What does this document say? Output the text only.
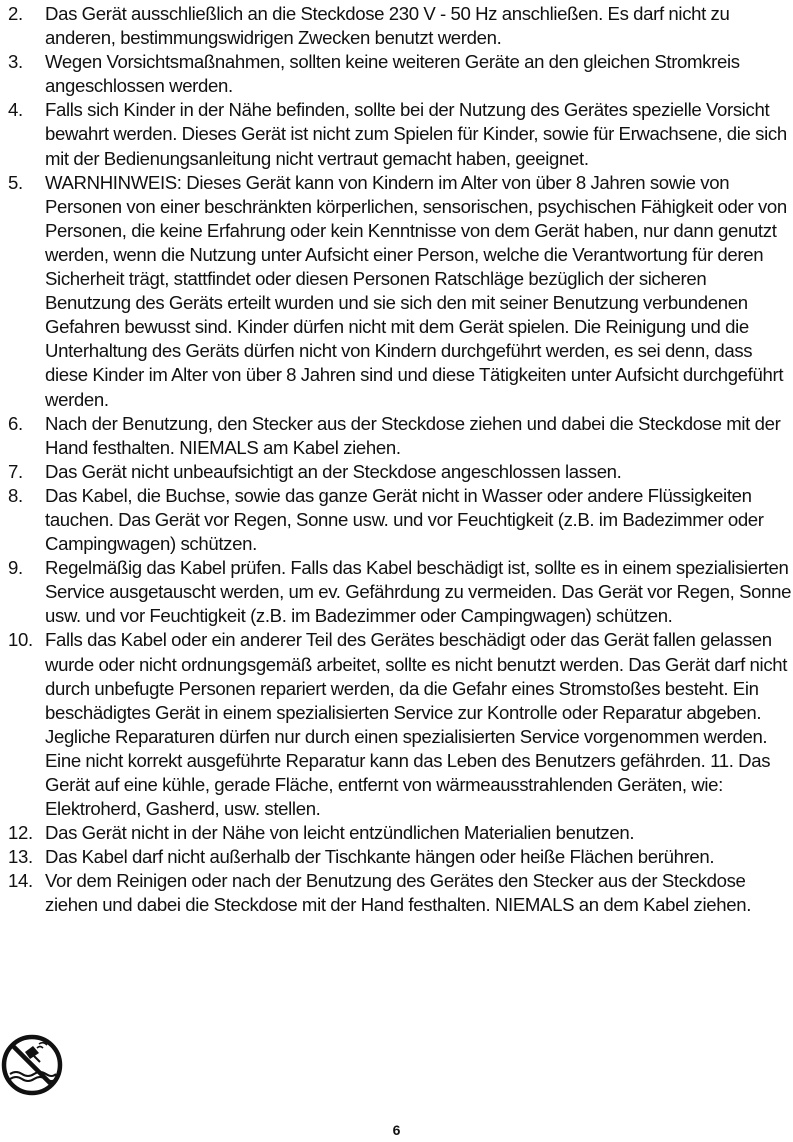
2.	Das Gerät ausschließlich an die Steckdose 230 V - 50 Hz anschließen. Es darf nicht zu anderen, bestimmungswidrigen Zwecken benutzt werden.
3.	Wegen Vorsichtsmaßnahmen, sollten keine weiteren Geräte an den gleichen Stromkreis angeschlossen werden.
4.	Falls sich Kinder in der Nähe befinden, sollte bei der Nutzung des Gerätes spezielle Vorsicht bewahrt werden. Dieses Gerät ist nicht zum Spielen für Kinder, sowie für Erwachsene, die sich mit der Bedienungsanleitung nicht vertraut gemacht haben, geeignet.
5.	WARNHINWEIS: Dieses Gerät kann von Kindern im Alter von über 8 Jahren sowie von Personen von einer beschränkten körperlichen, sensorischen, psychischen Fähigkeit oder von Personen, die keine Erfahrung oder kein Kenntnisse von dem Gerät haben, nur dann genutzt werden, wenn die Nutzung unter Aufsicht einer Person, welche die Verantwortung für deren Sicherheit trägt, stattfindet oder diesen Personen Ratschläge bezüglich der sicheren Benutzung des Geräts erteilt wurden und sie sich den mit seiner Benutzung verbundenen Gefahren bewusst sind. Kinder dürfen nicht mit dem Gerät spielen. Die Reinigung und die Unterhaltung des Geräts dürfen nicht von Kindern durchgeführt werden, es sei denn, dass diese Kinder im Alter von über 8 Jahren sind und diese Tätigkeiten unter Aufsicht durchgeführt werden.
6.	Nach der Benutzung, den Stecker aus der Steckdose ziehen und dabei die Steckdose mit der Hand festhalten. NIEMALS am Kabel ziehen.
7.	Das Gerät nicht unbeaufsichtigt an der Steckdose angeschlossen lassen.
8.	Das Kabel, die Buchse, sowie das ganze Gerät nicht in Wasser oder andere Flüssigkeiten tauchen. Das Gerät vor Regen, Sonne usw. und vor Feuchtigkeit (z.B. im Badezimmer oder Campingwagen) schützen.
9.	Regelmäßig das Kabel prüfen. Falls das Kabel beschädigt ist, sollte es in einem spezialisierten Service ausgetauscht werden, um ev. Gefährdung zu vermeiden. Das Gerät vor Regen, Sonne usw. und vor Feuchtigkeit (z.B. im Badezimmer oder Campingwagen) schützen.
10. Falls das Kabel oder ein anderer Teil des Gerätes beschädigt oder das Gerät fallen gelassen wurde oder nicht ordnungsgemäß arbeitet, sollte es nicht benutzt werden. Das Gerät darf nicht durch unbefugte Personen repariert werden, da die Gefahr eines Stromstoßes besteht. Ein beschädigtes Gerät in einem spezialisierten Service zur Kontrolle oder Reparatur abgeben. Jegliche Reparaturen dürfen nur durch einen spezialisierten Service vorgenommen werden. Eine nicht korrekt ausgeführte Reparatur kann das Leben des Benutzers gefährden. 11. Das Gerät auf eine kühle, gerade Fläche, entfernt von wärmeausstrahlenden Geräten, wie: Elektroherd, Gasherd, usw. stellen.
12. Das Gerät nicht in der Nähe von leicht entzündlichen Materialien benutzen.
13. Das Kabel darf nicht außerhalb der Tischkante hängen oder heiße Flächen berühren.
14. Vor dem Reinigen oder nach der Benutzung des Gerätes den Stecker aus der Steckdose ziehen und dabei die Steckdose mit der Hand festhalten. NIEMALS an dem Kabel ziehen.
6
